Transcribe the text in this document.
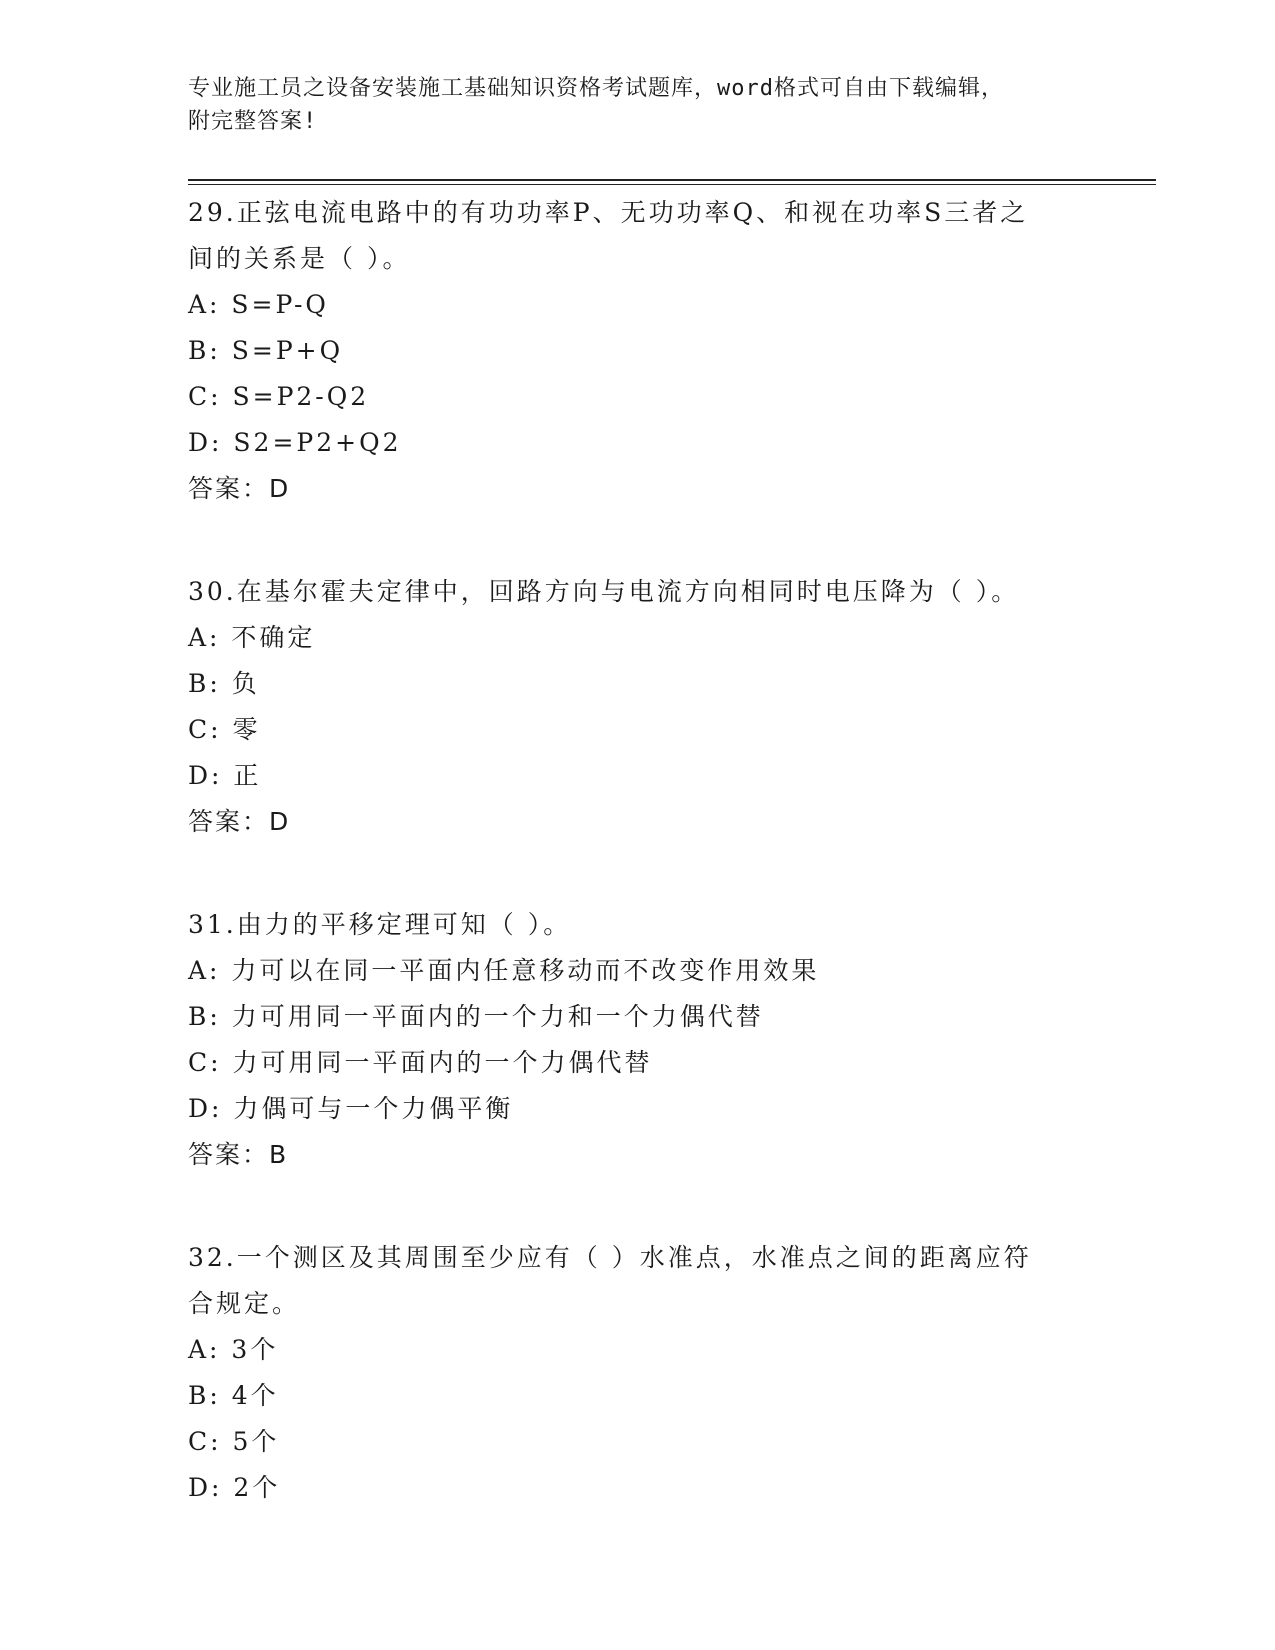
专业施工员之设备安装施工基础知识资格考试题库，word格式可自由下载编辑，
附完整答案!

29.正弦电流电路中的有功功率P、无功功率Q、和视在功率S三者之

间的关系是（ ）。

A: S=P-Q

B: S=P+Q

C: S=P2-Q2

D: S2=P2+Q2

答案：D

30.在基尔霍夫定律中，回路方向与电流方向相同时电压降为（ ）。

A: 不确定

B: 负

C: 零

D: 正

答案：D

31.由力的平移定理可知（ ）。

A: 力可以在同一平面内任意移动而不改变作用效果

B: 力可用同一平面内的一个力和一个力偶代替

C: 力可用同一平面内的一个力偶代替

D: 力偶可与一个力偶平衡

答案：B

32.一个测区及其周围至少应有（ ）水准点，水准点之间的距离应符

合规定。

A: 3个

B: 4个

C: 5个

D: 2个
